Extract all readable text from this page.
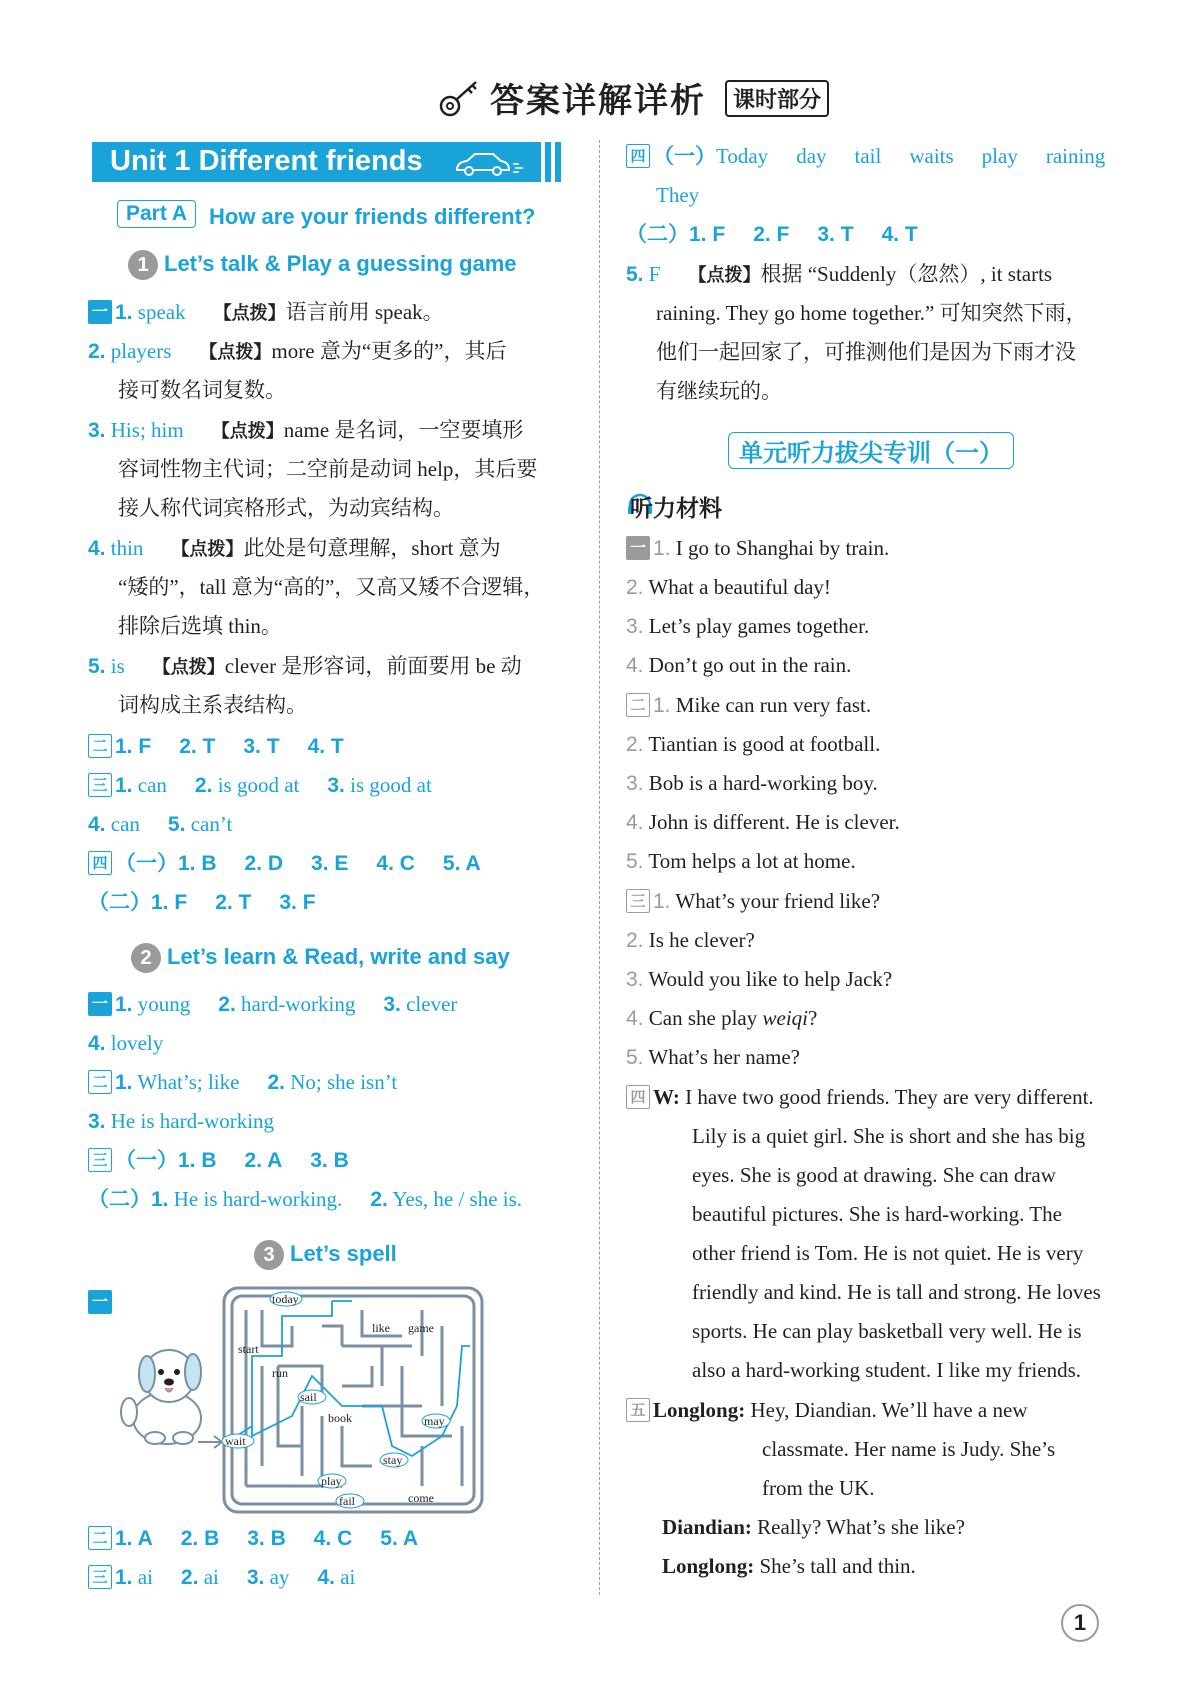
答案详解详析	课时部分
Unit 1 Different friends
Part A How are your friends different?
1 Let’s talk & Play a guessing game
一 1. speak 【点拨】语言前用 speak。
2. players 【点拨】more 意为“更多的”，其后
接可数名词复数。
3. His; him 【点拨】name 是名词，一空要填形
容词性物主代词；二空前是动词 help，其后要
接人称代词宾格形式，为动宾结构。
4. thin 【点拨】此处是句意理解，short 意为
“矮的”，tall 意为“高的”，又高又矮不合逻辑，
排除后选填 thin。
5. is 【点拨】clever 是形容词，前面要用 be 动
词构成主系表结构。
二 1. F 2. T 3. T 4. T
三 1. can 2. is good at 3. is good at
4. can 5. can’t
四 （一）1. B 2. D 3. E 4. C 5. A
（二）1. F 2. T 3. F
2 Let’s learn & Read, write and say
一 1. young 2. hard-working 3. clever
4. lovely
二 1. What’s; like 2. No; she isn’t
3. He is hard-working
三 （一）1. B 2. A 3. B
（二）1. He is hard-working. 2. Yes, he / she is.
3 Let’s spell
一	today
like game
start
run
sail
book	may
wait
stay
play
fail	come
二 1. A 2. B 3. B 4. C 5. A
三 1. ai 2. ai 3. ay 4. ai
四 （一）Today day tail waits play raining
They
（二）1. F 2. F 3. T 4. T
5. F 【点拨】根据 “Suddenly（忽然）, it starts
raining. They go home together.” 可知突然下雨，
他们一起回家了，可推测他们是因为下雨才没
有继续玩的。
单元听力拔尖专训（一）
听力材料
一 1. I go to Shanghai by train.
2. What a beautiful day!
3. Let’s play games together.
4. Don’t go out in the rain.
二 1. Mike can run very fast.
2. Tiantian is good at football.
3. Bob is a hard-working boy.
4. John is different. He is clever.
5. Tom helps a lot at home.
三 1. What’s your friend like?
2. Is he clever?
3. Would you like to help Jack?
4. Can she play weiqi?
5. What’s her name?
四 W: I have two good friends. They are very different.
Lily is a quiet girl. She is short and she has big
eyes. She is good at drawing. She can draw
beautiful pictures. She is hard-working. The
other friend is Tom. He is not quiet. He is very
friendly and kind. He is tall and strong. He loves
sports. He can play basketball very well. He is
also a hard-working student. I like my friends.
五 Longlong: Hey, Diandian. We’ll have a new
classmate. Her name is Judy. She’s
from the UK.
Diandian: Really? What’s she like?
Longlong: She’s tall and thin.
1
